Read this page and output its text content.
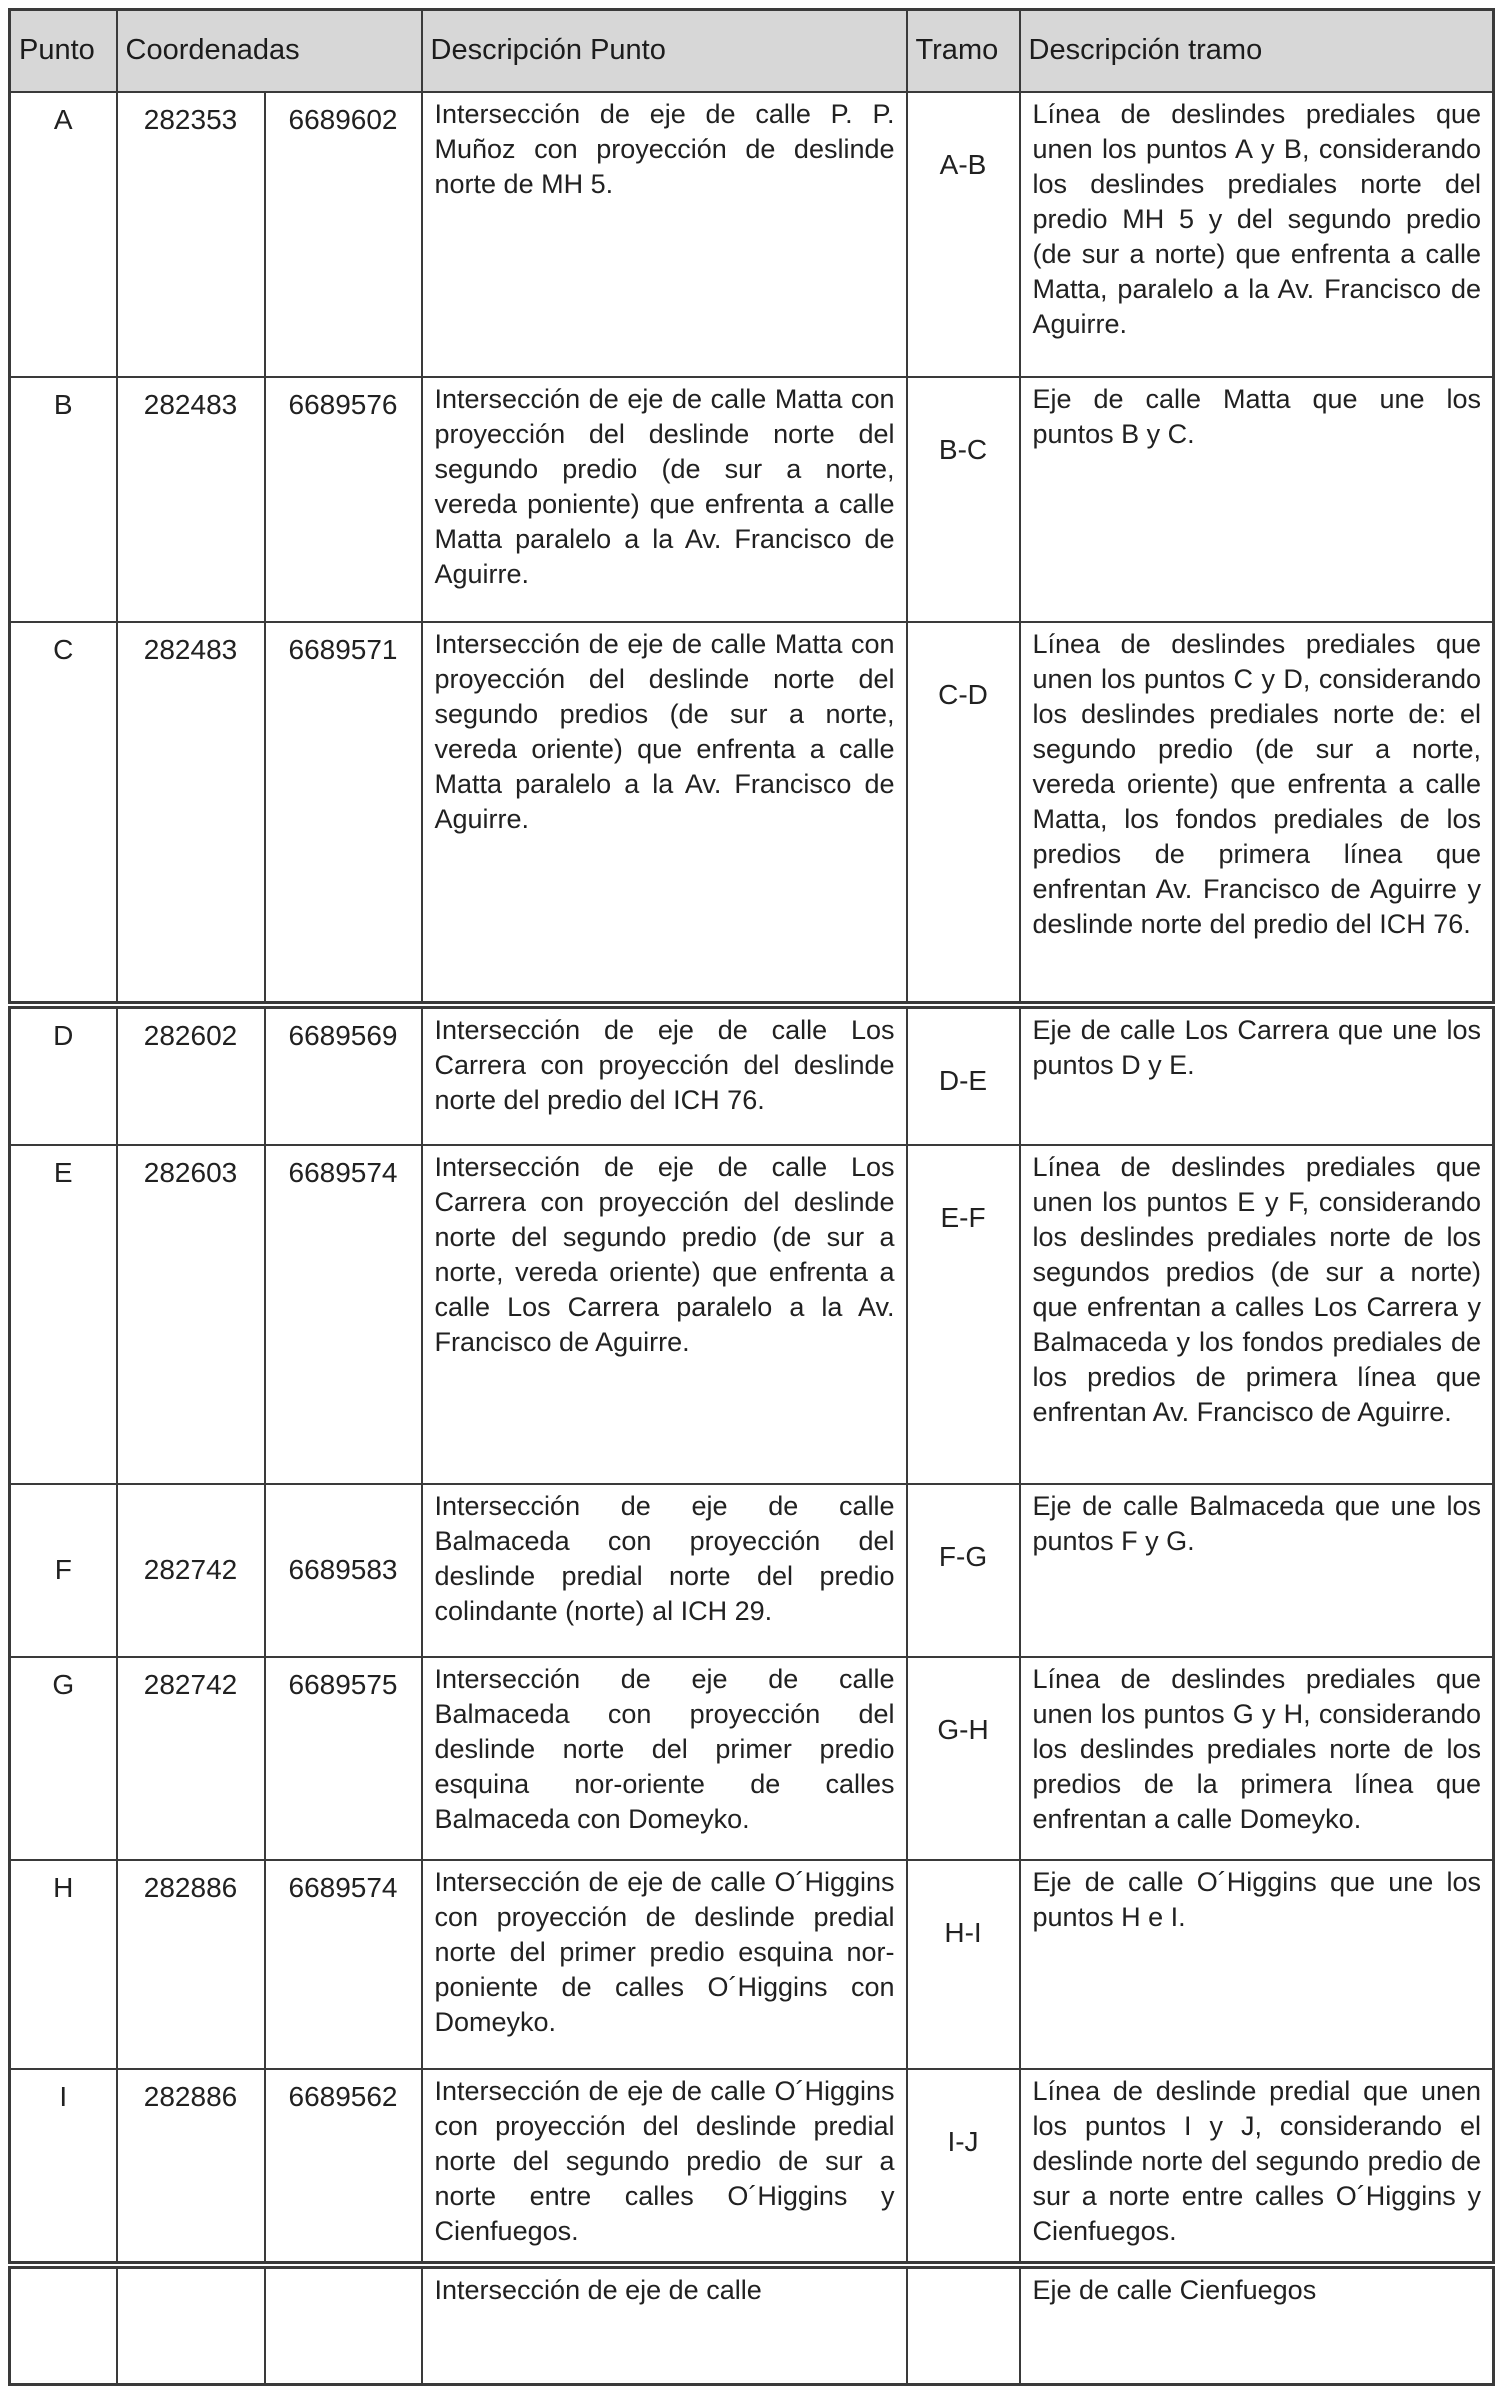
Punto	Coordenadas		Descripción Punto	Tramo	Descripción tramo
A	282353	6689602	Intersección de eje de calle P. P. Muñoz con proyección de deslinde norte de MH 5.	A-B	Línea de deslindes prediales que unen los puntos A y B, considerando los deslindes prediales norte del predio MH 5 y del segundo predio (de sur a norte) que enfrenta a calle Matta, paralelo a la Av. Francisco de Aguirre.
B	282483	6689576	Intersección de eje de calle Matta con proyección del deslinde norte del segundo predio (de sur a norte, vereda poniente) que enfrenta a calle Matta paralelo a la Av. Francisco de Aguirre.	B-C	Eje de calle Matta que une los puntos B y C.
C	282483	6689571	Intersección de eje de calle Matta con proyección del deslinde norte del segundo predios (de sur a norte, vereda oriente) que enfrenta a calle Matta paralelo a la Av. Francisco de Aguirre.	C-D	Línea de deslindes prediales que unen los puntos C y D, considerando los deslindes prediales norte de: el segundo predio (de sur a norte, vereda oriente) que enfrenta a calle Matta, los fondos prediales de los predios de primera línea que enfrentan Av. Francisco de Aguirre y deslinde norte del predio del ICH 76.
D	282602	6689569	Intersección de eje de calle Los Carrera con proyección del deslinde norte del predio del ICH 76.	D-E	Eje de calle Los Carrera que une los puntos D y E.
E	282603	6689574	Intersección de eje de calle Los Carrera con proyección del deslinde norte del segundo predio (de sur a norte, vereda oriente) que enfrenta a calle Los Carrera paralelo a la Av. Francisco de Aguirre.	E-F	Línea de deslindes prediales que unen los puntos E y F, considerando los deslindes prediales norte de los segundos predios (de sur a norte) que enfrentan a calles Los Carrera y Balmaceda y los fondos prediales de los predios de primera línea que enfrentan Av. Francisco de Aguirre.
F	282742	6689583	Intersección de eje de calle Balmaceda con proyección del deslinde predial norte del predio colindante (norte) al ICH 29.	F-G	Eje de calle Balmaceda que une los puntos F y G.
G	282742	6689575	Intersección de eje de calle Balmaceda con proyección del deslinde norte del primer predio esquina nor-oriente de calles Balmaceda con Domeyko.	G-H	Línea de deslindes prediales que unen los puntos G y H, considerando los deslindes prediales norte de los predios de la primera línea que enfrentan a calle Domeyko.
H	282886	6689574	Intersección de eje de calle O´Higgins con proyección de deslinde predial norte del primer predio esquina nor-poniente de calles O´Higgins con Domeyko.	H-I	Eje de calle O´Higgins que une los puntos H e I.
I	282886	6689562	Intersección de eje de calle O´Higgins con proyección del deslinde predial norte del segundo predio de sur a norte entre calles O´Higgins y Cienfuegos.	I-J	Línea de deslinde predial que unen los puntos I y J, considerando el deslinde norte del segundo predio de sur a norte entre calles O´Higgins y Cienfuegos.
			Intersección de eje de calle		Eje de calle Cienfuegos
